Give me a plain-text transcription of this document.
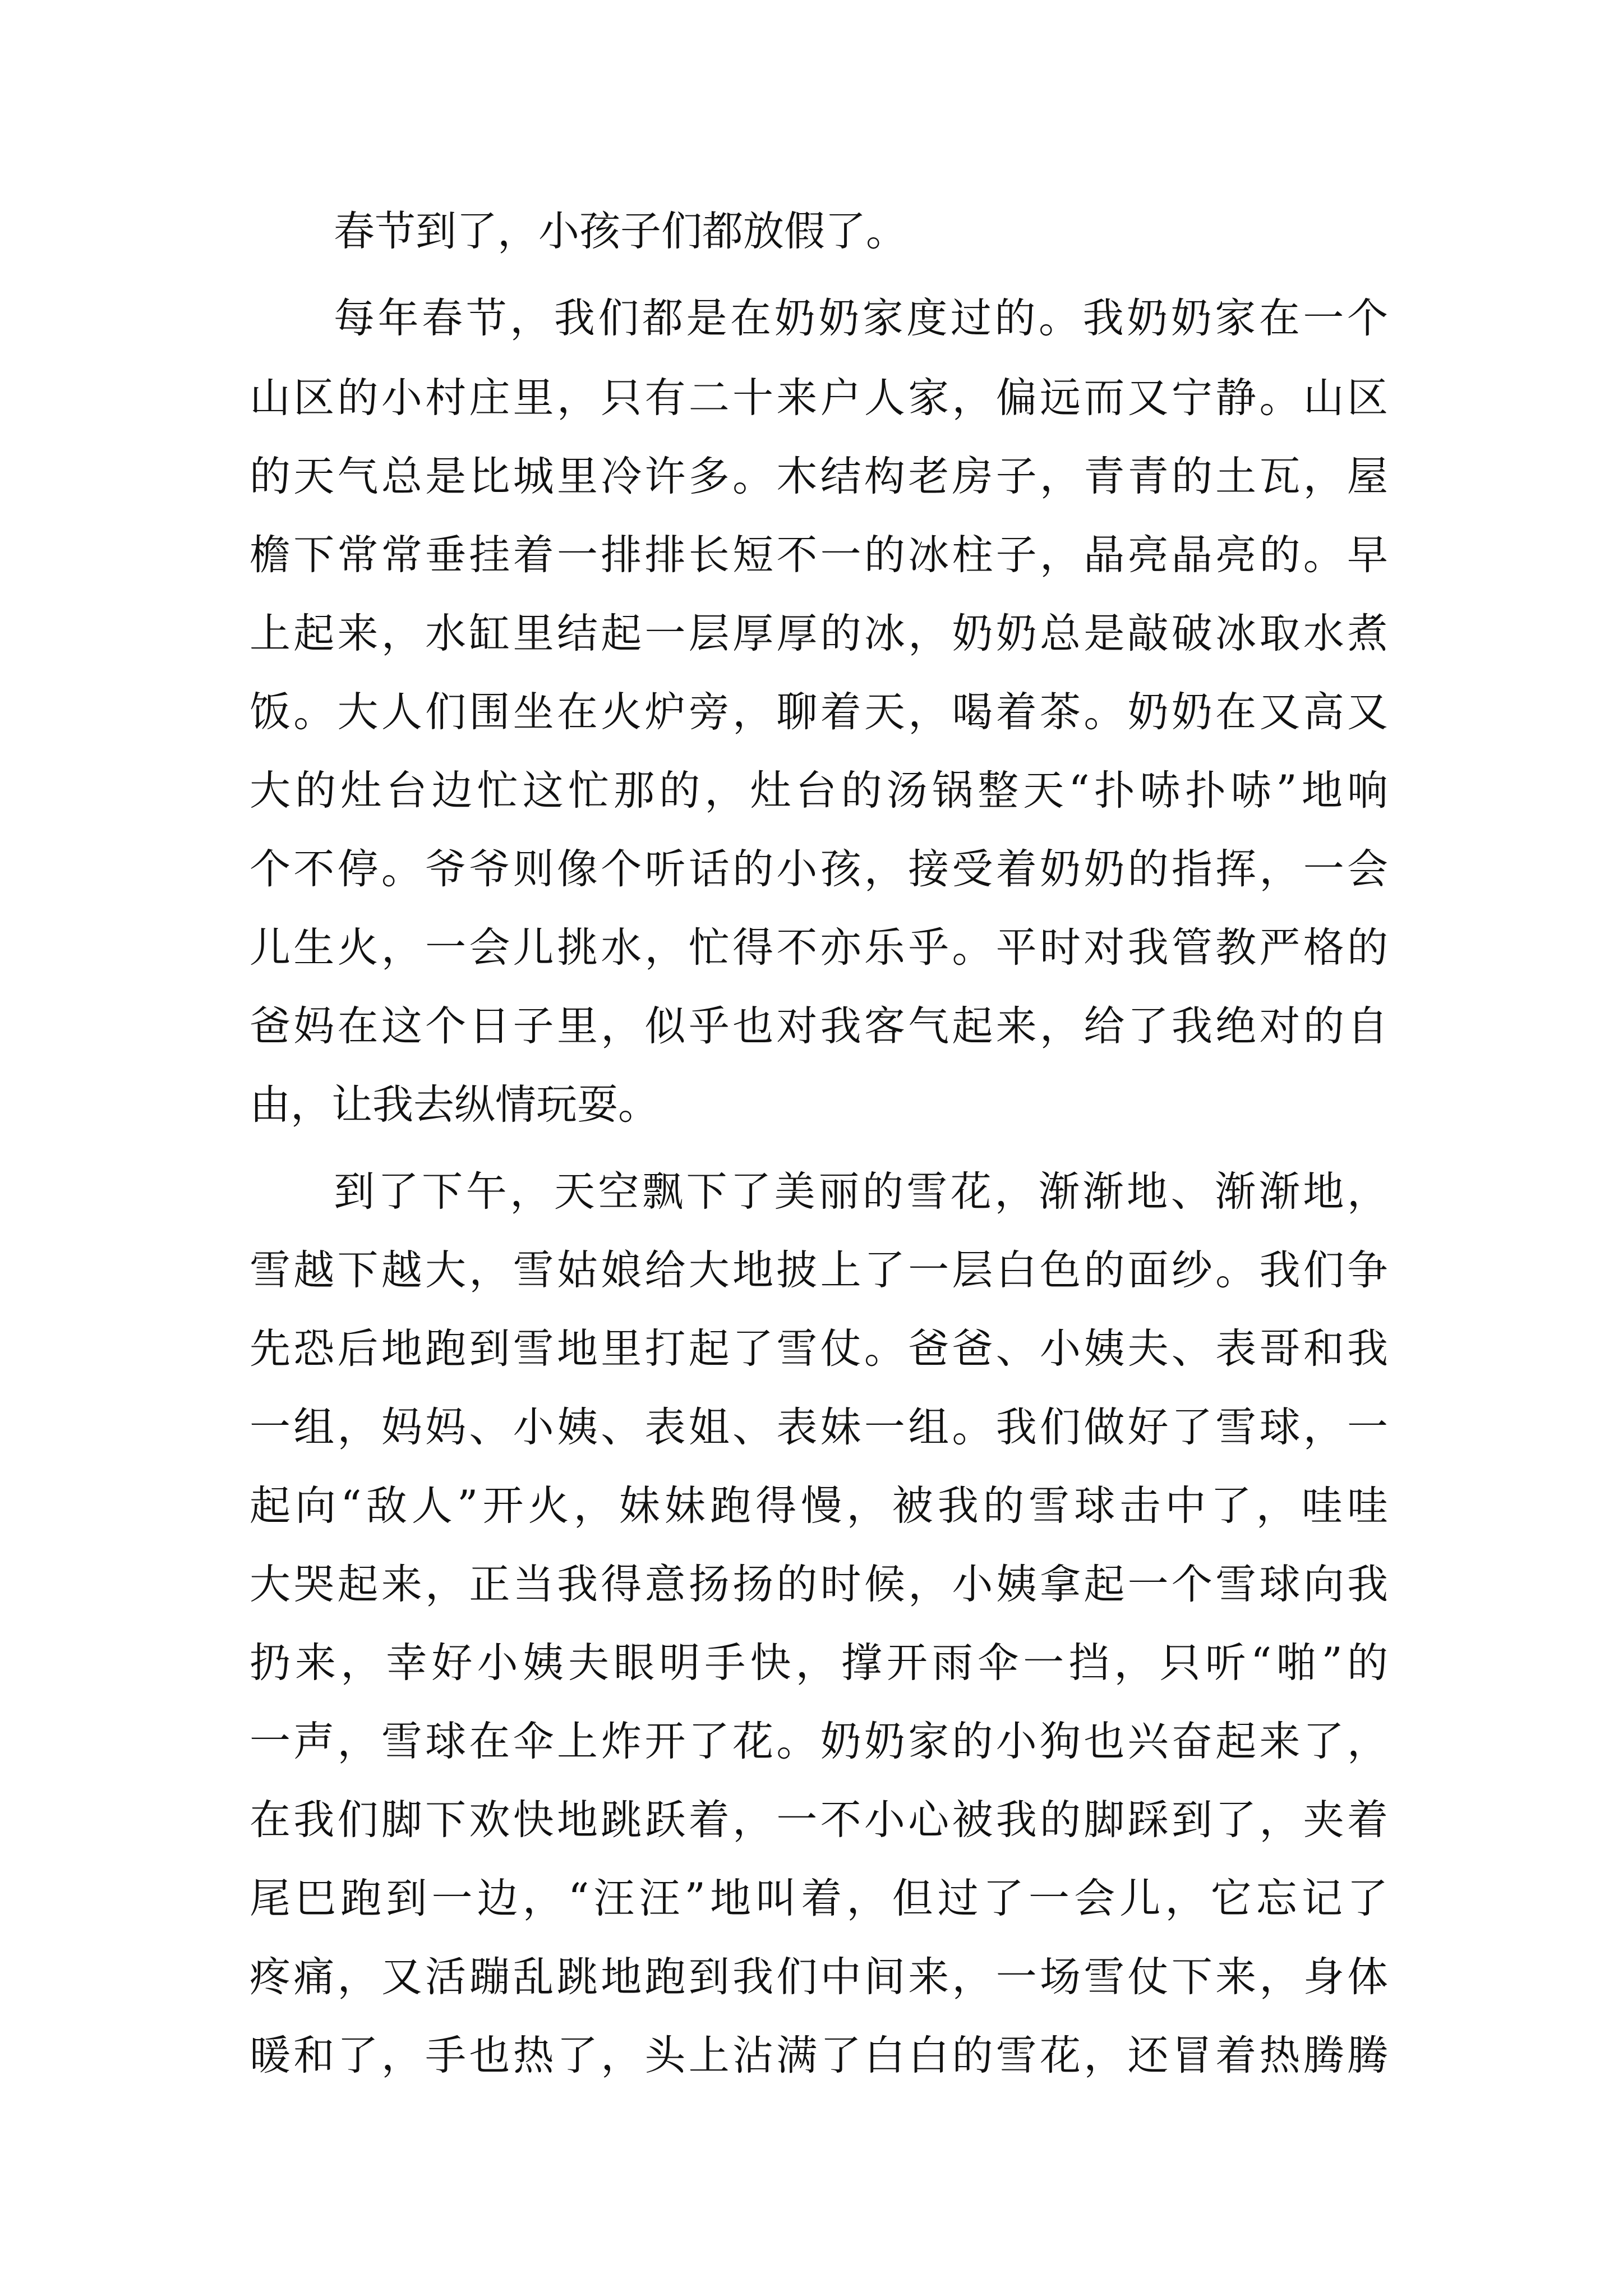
春节到了，小孩子们都放假了。
每年春节，我们都是在奶奶家度过的。我奶奶家在一个
山区的小村庄里，只有二十来户人家，偏远而又宁静。山区
的天气总是比城里冷许多。木结构老房子，青青的土瓦，屋
檐下常常垂挂着一排排长短不一的冰柱子，晶亮晶亮的。早
上起来，水缸里结起一层厚厚的冰，奶奶总是敲破冰取水煮
饭。大人们围坐在火炉旁，聊着天，喝着茶。奶奶在又高又
大的灶台边忙这忙那的，灶台的汤锅整天“扑哧扑哧”地响
个不停。爷爷则像个听话的小孩，接受着奶奶的指挥，一会
儿生火，一会儿挑水，忙得不亦乐乎。平时对我管教严格的
爸妈在这个日子里，似乎也对我客气起来，给了我绝对的自
由，让我去纵情玩耍。
到了下午，天空飘下了美丽的雪花，渐渐地、渐渐地，
雪越下越大，雪姑娘给大地披上了一层白色的面纱。我们争
先恐后地跑到雪地里打起了雪仗。爸爸、小姨夫、表哥和我
一组，妈妈、小姨、表姐、表妹一组。我们做好了雪球，一
起向“敌人”开火，妹妹跑得慢，被我的雪球击中了，哇哇
大哭起来，正当我得意扬扬的时候，小姨拿起一个雪球向我
扔来，幸好小姨夫眼明手快，撑开雨伞一挡，只听“啪”的
一声，雪球在伞上炸开了花。奶奶家的小狗也兴奋起来了，
在我们脚下欢快地跳跃着，一不小心被我的脚踩到了，夹着
尾巴跑到一边，“汪汪”地叫着，但过了一会儿，它忘记了
疼痛，又活蹦乱跳地跑到我们中间来，一场雪仗下来，身体
暖和了，手也热了，头上沾满了白白的雪花，还冒着热腾腾
